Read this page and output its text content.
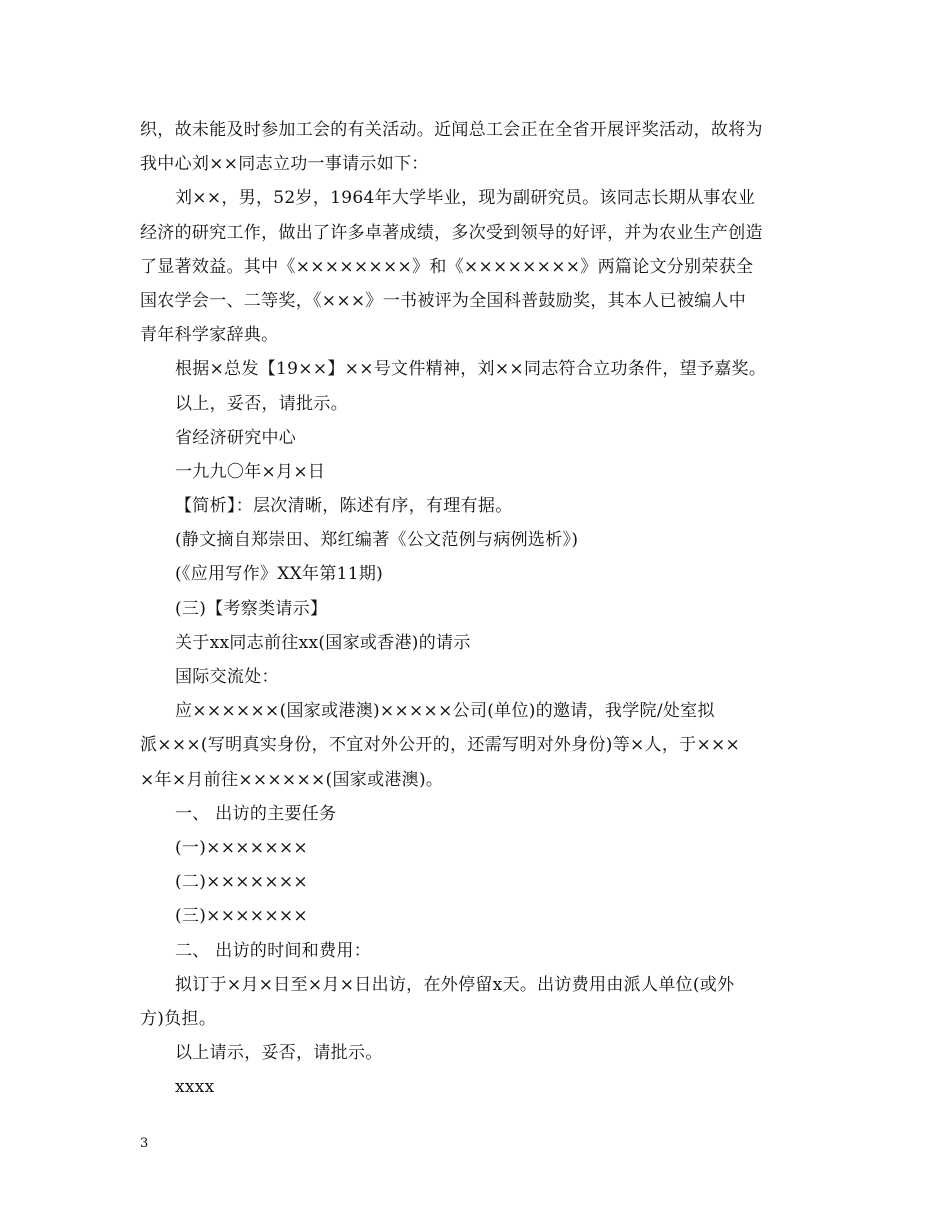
织，故未能及时参加工会的有关活动。近闻总工会正在全省开展评奖活动，故将为
我中心刘××同志立功一事请示如下：
刘××，男，52岁，1964年大学毕业，现为副研究员。该同志长期从事农业
经济的研究工作，做出了许多卓著成绩，多次受到领导的好评，并为农业生产创造
了显著效益。其中《××××××××》和《××××××××》两篇论文分别荣获全
国农学会一、二等奖，《×××》一书被评为全国科普鼓励奖，其本人已被编人中
青年科学家辞典。
根据×总发【19××】××号文件精神，刘××同志符合立功条件，望予嘉奖。
以上，妥否，请批示。
省经济研究中心
一九九〇年×月×日
【简析】：层次清晰，陈述有序，有理有据。
(静文摘自郑崇田、郑红编著《公文范例与病例选析》)
(《应用写作》XX年第11期)
(三)【考察类请示】
关于xx同志前往xx(国家或香港)的请示
国际交流处：
应××××××(国家或港澳)×××××公司(单位)的邀请，我学院/处室拟
派×××(写明真实身份，不宜对外公开的，还需写明对外身份)等×人，于×××
×年×月前往××××××(国家或港澳)。
一、 出访的主要任务
(一)×××××××
(二)×××××××
(三)×××××××
二、 出访的时间和费用：
拟订于×月×日至×月×日出访，在外停留x天。出访费用由派人单位(或外
方)负担。
以上请示，妥否，请批示。
xxxx
3
